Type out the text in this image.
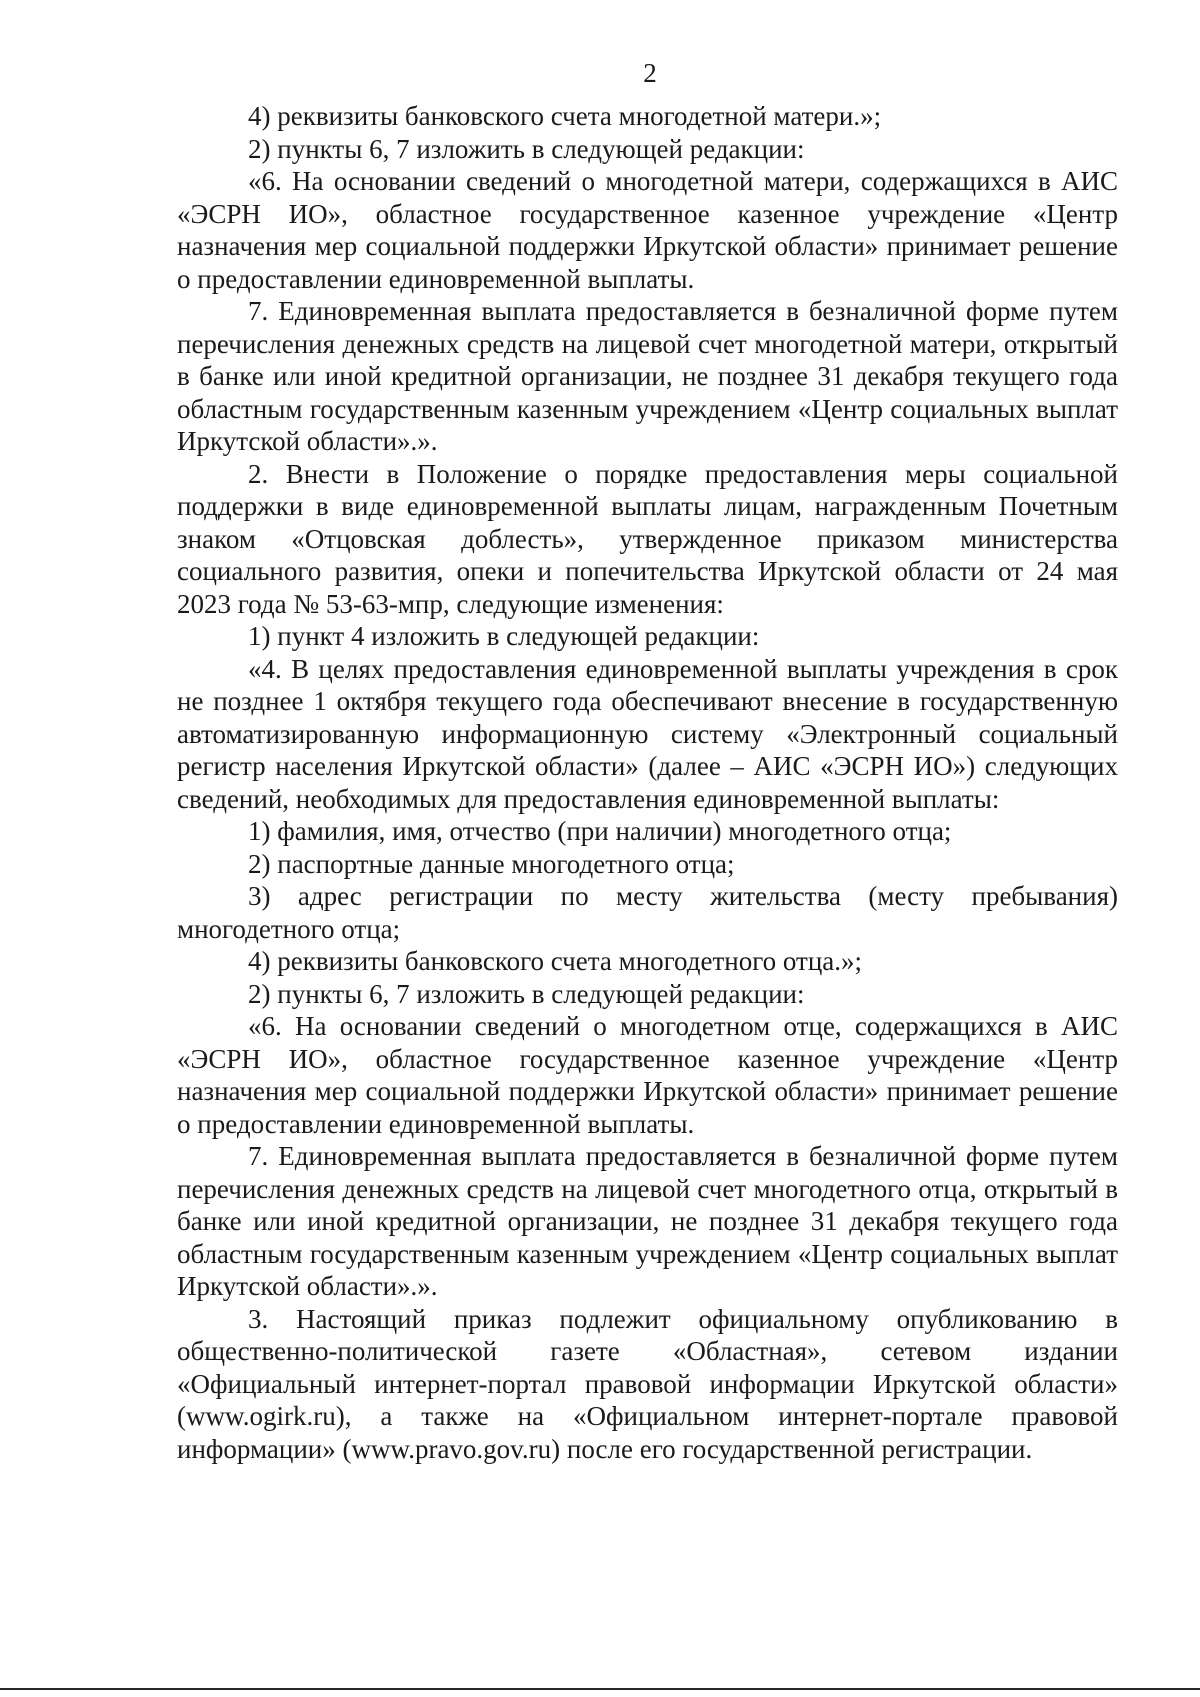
2

4) реквизиты банковского счета многодетной матери.»;

2) пункты 6, 7 изложить в следующей редакции:

«6. На основании сведений о многодетной матери, содержащихся в АИС «ЭСРН ИО», областное государственное казенное учреждение «Центр назначения мер социальной поддержки Иркутской области» принимает решение о предоставлении единовременной выплаты.

7. Единовременная выплата предоставляется в безналичной форме путем перечисления денежных средств на лицевой счет многодетной матери, открытый в банке или иной кредитной организации, не позднее 31 декабря текущего года областным государственным казенным учреждением «Центр социальных выплат Иркутской области».».

2. Внести в Положение о порядке предоставления меры социальной поддержки в виде единовременной выплаты лицам, награжденным Почетным знаком «Отцовская доблесть», утвержденное приказом министерства социального развития, опеки и попечительства Иркутской области от 24 мая 2023 года № 53-63-мпр, следующие изменения:

1) пункт 4 изложить в следующей редакции:

«4. В целях предоставления единовременной выплаты учреждения в срок не позднее 1 октября текущего года обеспечивают внесение в государственную автоматизированную информационную систему «Электронный социальный регистр населения Иркутской области» (далее – АИС «ЭСРН ИО») следующих сведений, необходимых для предоставления единовременной выплаты:

1) фамилия, имя, отчество (при наличии) многодетного отца;

2) паспортные данные многодетного отца;

3) адрес регистрации по месту жительства (месту пребывания) многодетного отца;

4) реквизиты банковского счета многодетного отца.»;

2) пункты 6, 7 изложить в следующей редакции:

«6. На основании сведений о многодетном отце, содержащихся в АИС «ЭСРН ИО», областное государственное казенное учреждение «Центр назначения мер социальной поддержки Иркутской области» принимает решение о предоставлении единовременной выплаты.

7. Единовременная выплата предоставляется в безналичной форме путем перечисления денежных средств на лицевой счет многодетного отца, открытый в банке или иной кредитной организации, не позднее 31 декабря текущего года областным государственным казенным учреждением «Центр социальных выплат Иркутской области».».

3. Настоящий приказ подлежит официальному опубликованию в общественно-политической газете «Областная», сетевом издании «Официальный интернет-портал правовой информации Иркутской области» (www.ogirk.ru), а также на «Официальном интернет-портале правовой информации» (www.pravo.gov.ru) после его государственной регистрации.
